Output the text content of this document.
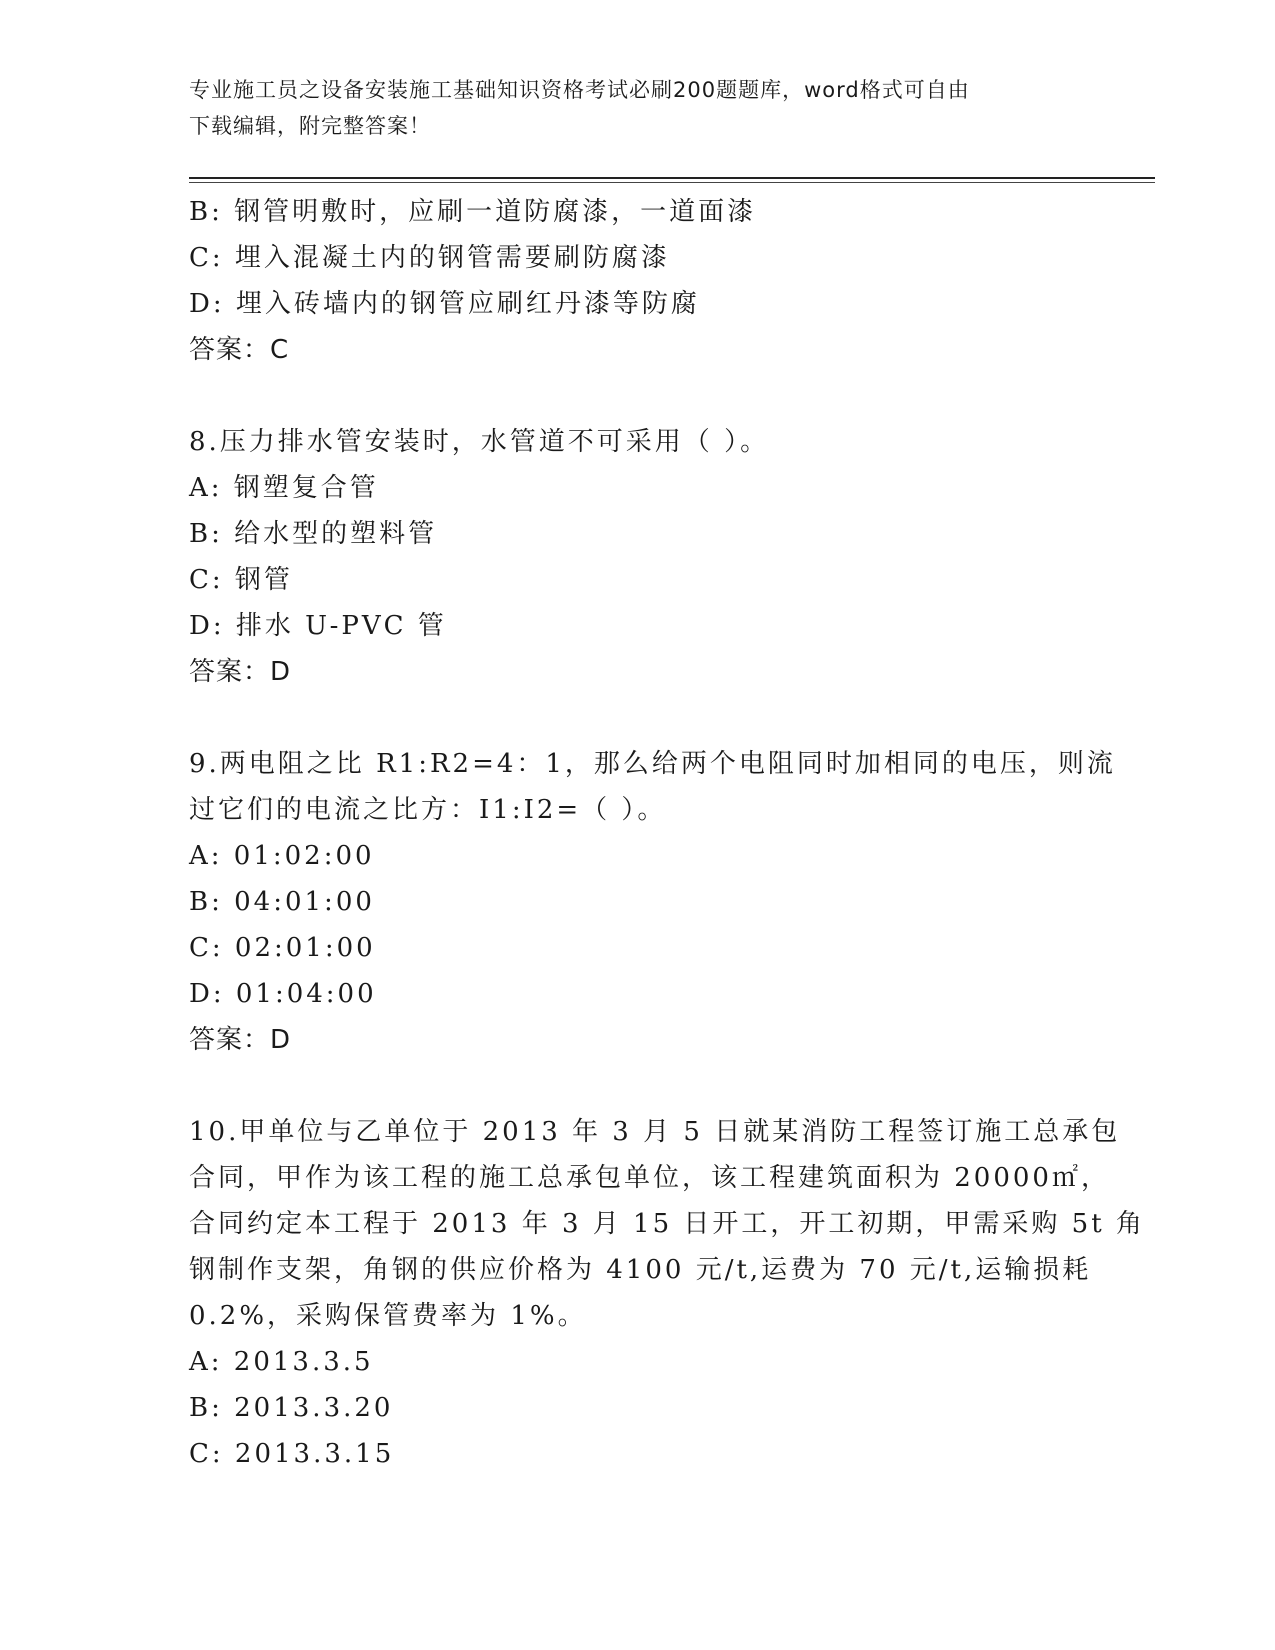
专业施工员之设备安装施工基础知识资格考试必刷200题题库，word格式可自由
下载编辑，附完整答案！
B: 钢管明敷时，应刷一道防腐漆，一道面漆
C: 埋入混凝土内的钢管需要刷防腐漆
D: 埋入砖墙内的钢管应刷红丹漆等防腐
答案：C
8.压力排水管安装时，水管道不可采用（ ）。
A: 钢塑复合管
B: 给水型的塑料管
C: 钢管
D: 排水 U-PVC 管
答案：D
9.两电阻之比 R1:R2=4：1，那么给两个电阻同时加相同的电压，则流
过它们的电流之比方：I1:I2=（ ）。
A: 01:02:00
B: 04:01:00
C: 02:01:00
D: 01:04:00
答案：D
10.甲单位与乙单位于 2013 年 3 月 5 日就某消防工程签订施工总承包
合同，甲作为该工程的施工总承包单位，该工程建筑面积为 20000㎡，
合同约定本工程于 2013 年 3 月 15 日开工，开工初期，甲需采购 5t 角
钢制作支架，角钢的供应价格为 4100 元/t,运费为 70 元/t,运输损耗
0.2%，采购保管费率为 1%。
A: 2013.3.5
B: 2013.3.20
C: 2013.3.15
